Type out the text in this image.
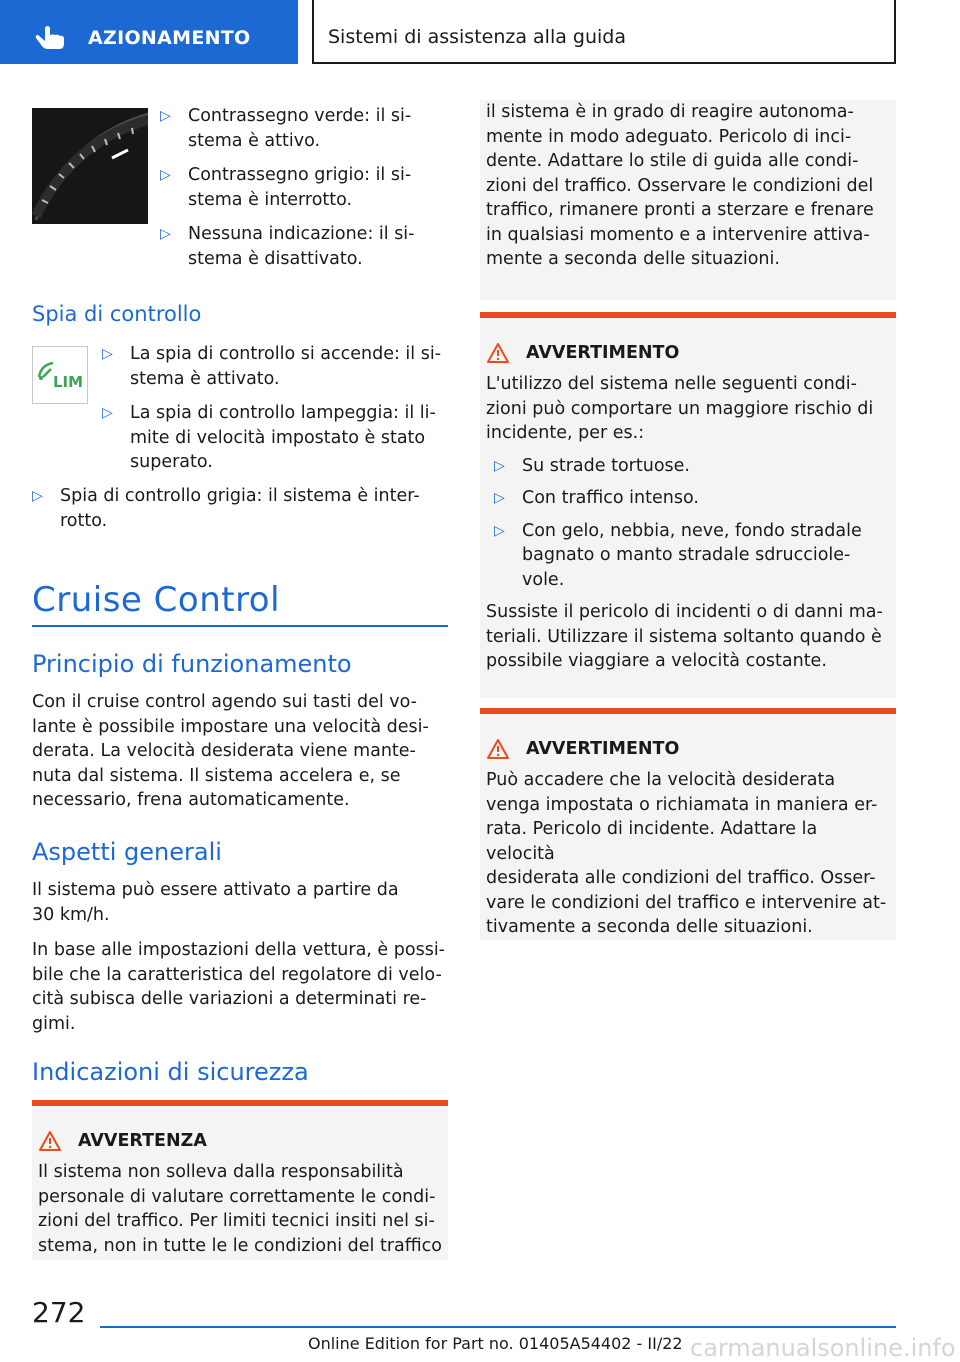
AZIONAMENTO	Sistemi di assistenza alla guida
▷ Contrassegno verde: il si-
stema è attivo.
▷ Contrassegno grigio: il si-
stema è interrotto.
▷ Nessuna indicazione: il si-
stema è disattivato.
Spia di controllo
LIM
▷ La spia di controllo si accende: il si-
stema è attivato.
▷ La spia di controllo lampeggia: il li-
mite di velocità impostato è stato
superato.
▷ Spia di controllo grigia: il sistema è inter-
rotto.
Cruise Control
Principio di funzionamento
Con il cruise control agendo sui tasti del vo-
lante è possibile impostare una velocità desi-
derata. La velocità desiderata viene mante-
nuta dal sistema. Il sistema accelera e, se
necessario, frena automaticamente.
Aspetti generali
Il sistema può essere attivato a partire da
30 km/h.
In base alle impostazioni della vettura, è possi-
bile che la caratteristica del regolatore di velo-
cità subisca delle variazioni a determinati re-
gimi.
Indicazioni di sicurezza
AVVERTENZA
Il sistema non solleva dalla responsabilità
personale di valutare correttamente le condi-
zioni del traffico. Per limiti tecnici insiti nel si-
stema, non in tutte le le condizioni del traffico
il sistema è in grado di reagire autonoma-
mente in modo adeguato. Pericolo di inci-
dente. Adattare lo stile di guida alle condi-
zioni del traffico. Osservare le condizioni del
traffico, rimanere pronti a sterzare e frenare
in qualsiasi momento e a intervenire attiva-
mente a seconda delle situazioni.
AVVERTIMENTO
L'utilizzo del sistema nelle seguenti condi-
zioni può comportare un maggiore rischio di
incidente, per es.:
▷ Su strade tortuose.
▷ Con traffico intenso.
▷ Con gelo, nebbia, neve, fondo stradale
bagnato o manto stradale sdrucciole-
vole.
Sussiste il pericolo di incidenti o di danni ma-
teriali. Utilizzare il sistema soltanto quando è
possibile viaggiare a velocità costante.
AVVERTIMENTO
Può accadere che la velocità desiderata
venga impostata o richiamata in maniera er-
rata. Pericolo di incidente. Adattare la velocità
desiderata alle condizioni del traffico. Osser-
vare le condizioni del traffico e intervenire at-
tivamente a seconda delle situazioni.
272
Online Edition for Part no. 01405A54402 - II/22 carmanualsonline.info
